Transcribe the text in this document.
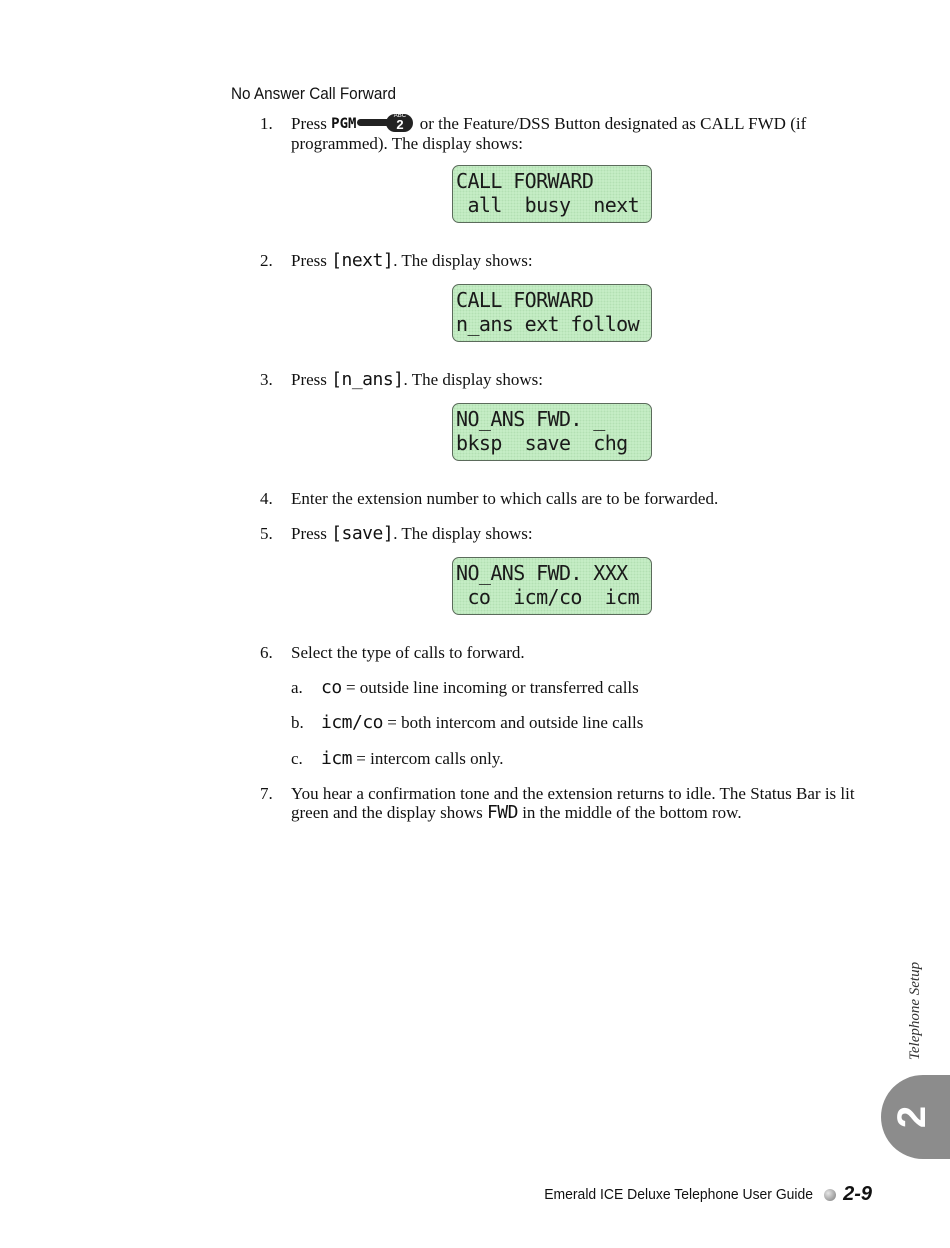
No Answer Call Forward
1. Press PGM	ABC
2 or the Feature/DSS Button designated as CALL FWD (if programmed). The display shows:
CALL FORWARD
all  busy  next
2. Press [next]. The display shows:
CALL FORWARD
n_ans ext follow
3. Press [n_ans]. The display shows:
NO_ANS FWD. _
bksp  save  chg
4. Enter the extension number to which calls are to be forwarded.
5. Press [save]. The display shows:
NO_ANS FWD. XXX
co  icm/co  icm
6. Select the type of calls to forward.
a. co = outside line incoming or transferred calls
b. icm/co = both intercom and outside line calls
c. icm = intercom calls only.
7. You hear a confirmation tone and the extension returns to idle. The Status Bar is lit green and the display shows FWD in the middle of the bottom row.
Telephone Setup
2
Emerald ICE Deluxe Telephone User Guide 2-9
